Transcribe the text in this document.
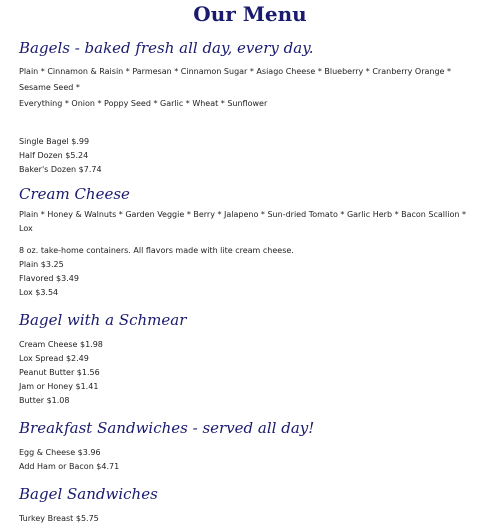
Our Menu
Bagels - baked fresh all day, every day.

Plain * Cinnamon & Raisin * Parmesan * Cinnamon Sugar * Asiago Cheese * Blueberry * Cranberry Orange * Sesame Seed *
Everything * Onion * Poppy Seed * Garlic * Wheat * Sunflower

Single Bagel $.99
Half Dozen $5.24
Baker's Dozen $7.74
Cream Cheese

Plain * Honey & Walnuts * Garden Veggie * Berry * Jalapeno * Sun-dried Tomato * Garlic Herb * Bacon Scallion * Lox

8 oz. take-home containers. All flavors made with lite cream cheese.
Plain $3.25
Flavored $3.49
Lox $3.54
Bagel with a Schmear
Cream Cheese $1.98
Lox Spread $2.49
Peanut Butter $1.56
Jam or Honey $1.41
Butter $1.08
Breakfast Sandwiches - served all day!
Egg & Cheese $3.96
Add Ham or Bacon $4.71
Bagel Sandwiches
Turkey Breast $5.75
